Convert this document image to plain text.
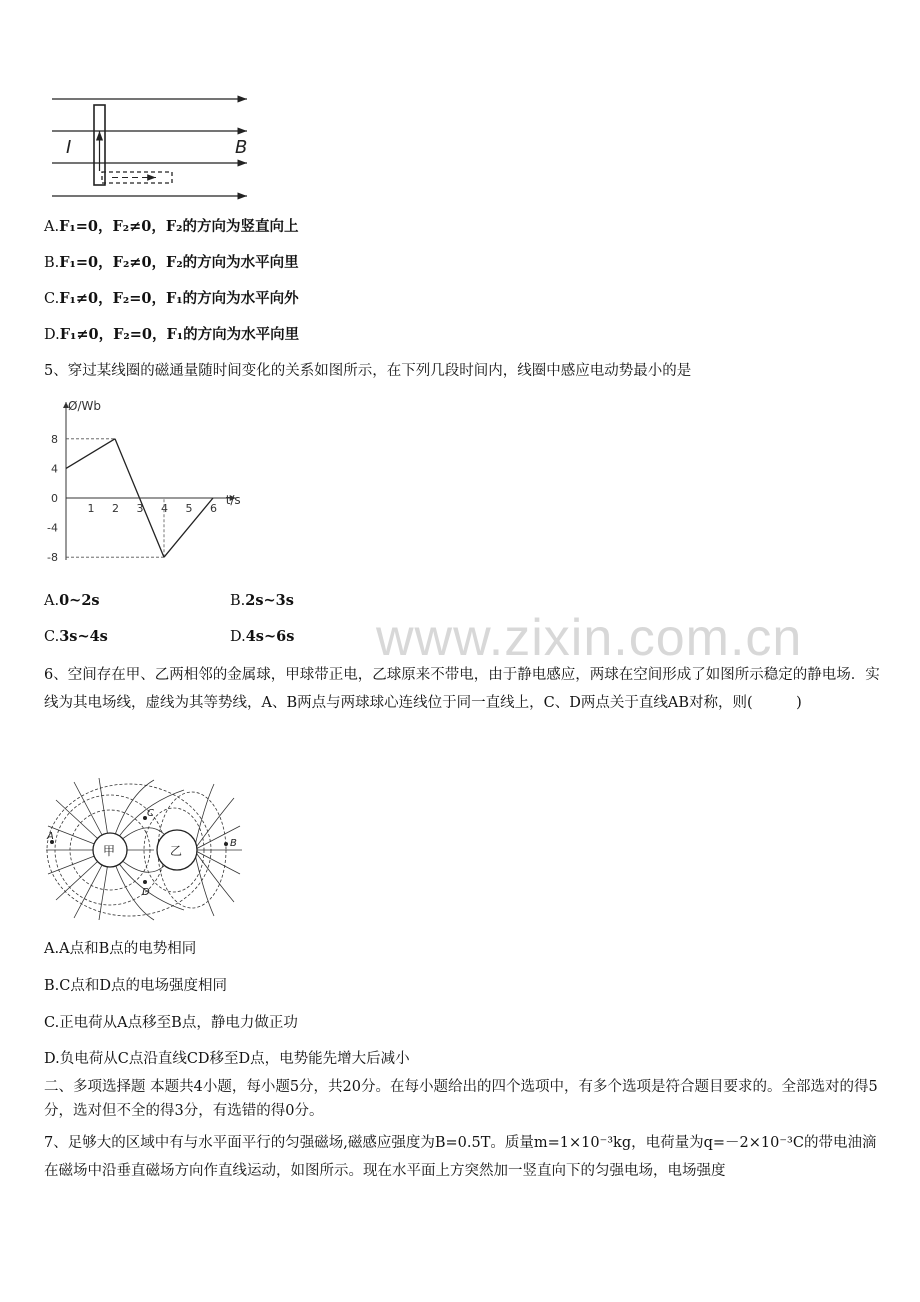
I	B
A.F₁=0，F₂≠0，F₂的方向为竖直向上
B.F₁=0，F₂≠0，F₂的方向为水平向里
C.F₁≠0，F₂=0，F₁的方向为水平向外
D.F₁≠0，F₂=0，F₁的方向为水平向里
5、穿过某线圈的磁通量随时间变化的关系如图所示，在下列几段时间内，线圈中感应电动势最小的是
Ø/Wb
t/s
1 2 3 4 5 6
8
4
0
-4
-8
A.0~2s	B.2s~3s
C.3s~4s	D.4s~6s www.zixin.com.cn
6、空间存在甲、乙两相邻的金属球，甲球带正电，乙球原来不带电，由于静电感应，两球在空间形成了如图所示稳定的静电场．实线为其电场线，虚线为其等势线，A、B两点与两球球心连线位于同一直线上，C、D两点关于直线AB对称，则(　　　)
甲	乙
A
B
C
D
A.A点和B点的电势相同
B.C点和D点的电场强度相同
C.正电荷从A点移至B点，静电力做正功
D.负电荷从C点沿直线CD移至D点，电势能先增大后减小
二、多项选择题 本题共4小题，每小题5分，共20分。在每小题给出的四个选项中，有多个选项是符合题目要求的。全部选对的得5分，选对但不全的得3分，有选错的得0分。
7、足够大的区域中有与水平面平行的匀强磁场,磁感应强度为B=0.5T。质量m=1×10⁻³kg，电荷量为q=－2×10⁻³C的带电油滴在磁场中沿垂直磁场方向作直线运动，如图所示。现在水平面上方突然加一竖直向下的匀强电场，电场强度
